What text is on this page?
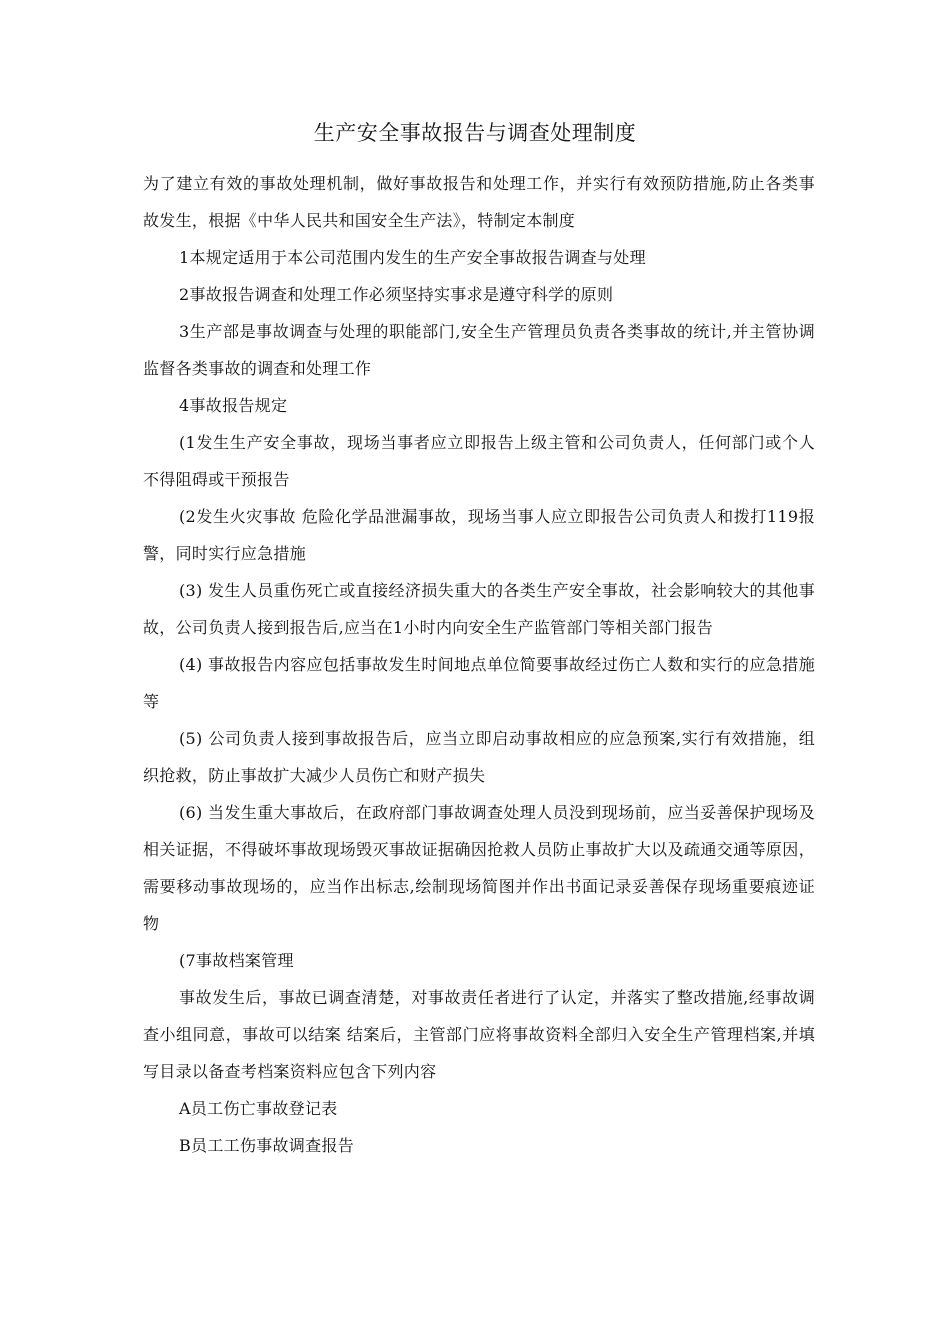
生产安全事故报告与调查处理制度

为了建立有效的事故处理机制，做好事故报告和处理工作，并实行有效预防措施,防止各类事故发生，根据《中华人民共和国安全生产法》，特制定本制度

1本规定适用于本公司范围内发生的生产安全事故报告调查与处理

2事故报告调查和处理工作必须坚持实事求是遵守科学的原则

3生产部是事故调查与处理的职能部门,安全生产管理员负责各类事故的统计,并主管协调监督各类事故的调查和处理工作

4事故报告规定

(1发生生产安全事故，现场当事者应立即报告上级主管和公司负责人，任何部门或个人不得阻碍或干预报告

(2发生火灾事故 危险化学品泄漏事故，现场当事人应立即报告公司负责人和拨打119报警，同时实行应急措施

(3) 发生人员重伤死亡或直接经济损失重大的各类生产安全事故，社会影响较大的其他事故，公司负责人接到报告后,应当在1小时内向安全生产监管部门等相关部门报告

(4) 事故报告内容应包括事故发生时间地点单位简要事故经过伤亡人数和实行的应急措施等

(5) 公司负责人接到事故报告后，应当立即启动事故相应的应急预案,实行有效措施，组织抢救，防止事故扩大减少人员伤亡和财产损失

(6) 当发生重大事故后，在政府部门事故调查处理人员没到现场前，应当妥善保护现场及相关证据，不得破坏事故现场毁灭事故证据确因抢救人员防止事故扩大以及疏通交通等原因，需要移动事故现场的，应当作出标志,绘制现场简图并作出书面记录妥善保存现场重要痕迹证物

(7事故档案管理

事故发生后，事故已调查清楚，对事故责任者进行了认定，并落实了整改措施,经事故调查小组同意，事故可以结案 结案后，主管部门应将事故资料全部归入安全生产管理档案,并填写目录以备查考档案资料应包含下列内容

A员工伤亡事故登记表

B员工工伤事故调查报告
